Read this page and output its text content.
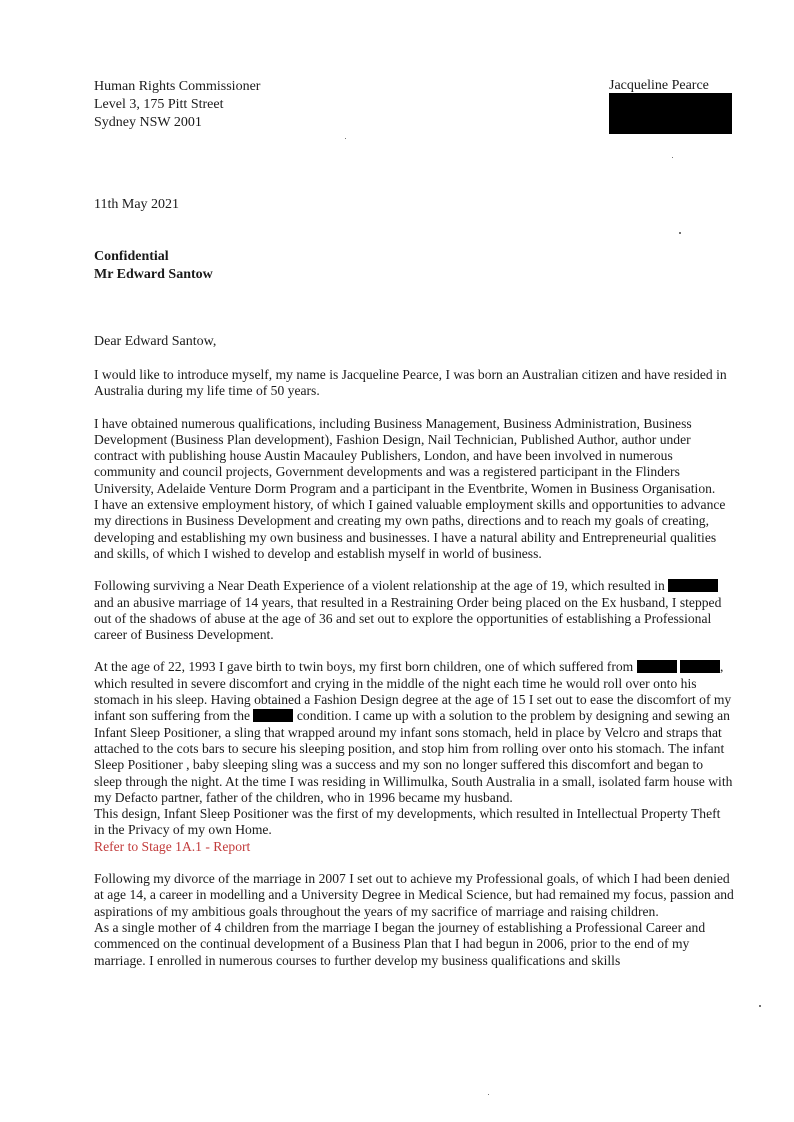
Human Rights Commissioner
Level 3, 175 Pitt Street
Sydney NSW 2001
Jacqueline Pearce
11th May 2021
Confidential
Mr Edward Santow
Dear Edward Santow,

I would like to introduce myself, my name is Jacqueline Pearce, I was born an Australian citizen and have resided in Australia during my life time of 50 years.

I have obtained numerous qualifications, including Business Management, Business Administration, Business Development (Business Plan development), Fashion Design, Nail Technician, Published Author, author under contract with publishing house Austin Macauley Publishers, London, and have been involved in numerous community and council projects, Government developments and was a registered participant in the Flinders University, Adelaide Venture Dorm Program and a participant in the Eventbrite, Women in Business Organisation.

I have an extensive employment history, of which I gained valuable employment skills and opportunities to advance my directions in Business Development and creating my own paths, directions and to reach my goals of creating, developing and establishing my own business and businesses. I have a natural ability and Entrepreneurial qualities and skills, of which I wished to develop and establish myself in world of business.

Following surviving a Near Death Experience of a violent relationship at the age of 19, which resulted in  and an abusive marriage of 14 years, that resulted in a Restraining Order being placed on the Ex husband, I stepped out of the shadows of abuse at the age of 36 and set out to explore the opportunities of establishing a Professional career of Business Development.

At the age of 22, 1993 I gave birth to twin boys, my first born children, one of which suffered from	, which resulted in severe discomfort and crying in the middle of the night each time he would roll over onto his stomach in his sleep. Having obtained a Fashion Design degree at the age of 15 I set out to ease the discomfort of my infant son suffering from the	condition. I came up with a solution to the problem by designing and sewing an Infant Sleep Positioner, a sling that wrapped around my infant sons stomach, held in place by Velcro and straps that attached to the cots bars to secure his sleeping position, and stop him from rolling over onto his stomach. The infant Sleep Positioner , baby sleeping sling was a success and my son no longer suffered this discomfort and began to sleep through the night. At the time I was residing in Willimulka, South Australia in a small, isolated farm house with my Defacto partner, father of the children, who in 1996 became my husband.

This design, Infant Sleep Positioner was the first of my developments, which resulted in Intellectual Property Theft in the Privacy of my own Home.

Refer to Stage 1A.1 - Report

Following my divorce of the marriage in 2007 I set out to achieve my Professional goals, of which I had been denied at age 14, a career in modelling and a University Degree in Medical Science, but had remained my focus, passion and aspirations of my ambitious goals throughout the years of my sacrifice of marriage and raising children.

As a single mother of 4 children from the marriage I began the journey of establishing a Professional Career and commenced on the continual development of a Business Plan that I had begun in 2006, prior to the end of my marriage. I enrolled in numerous courses to further develop my business qualifications and skills
